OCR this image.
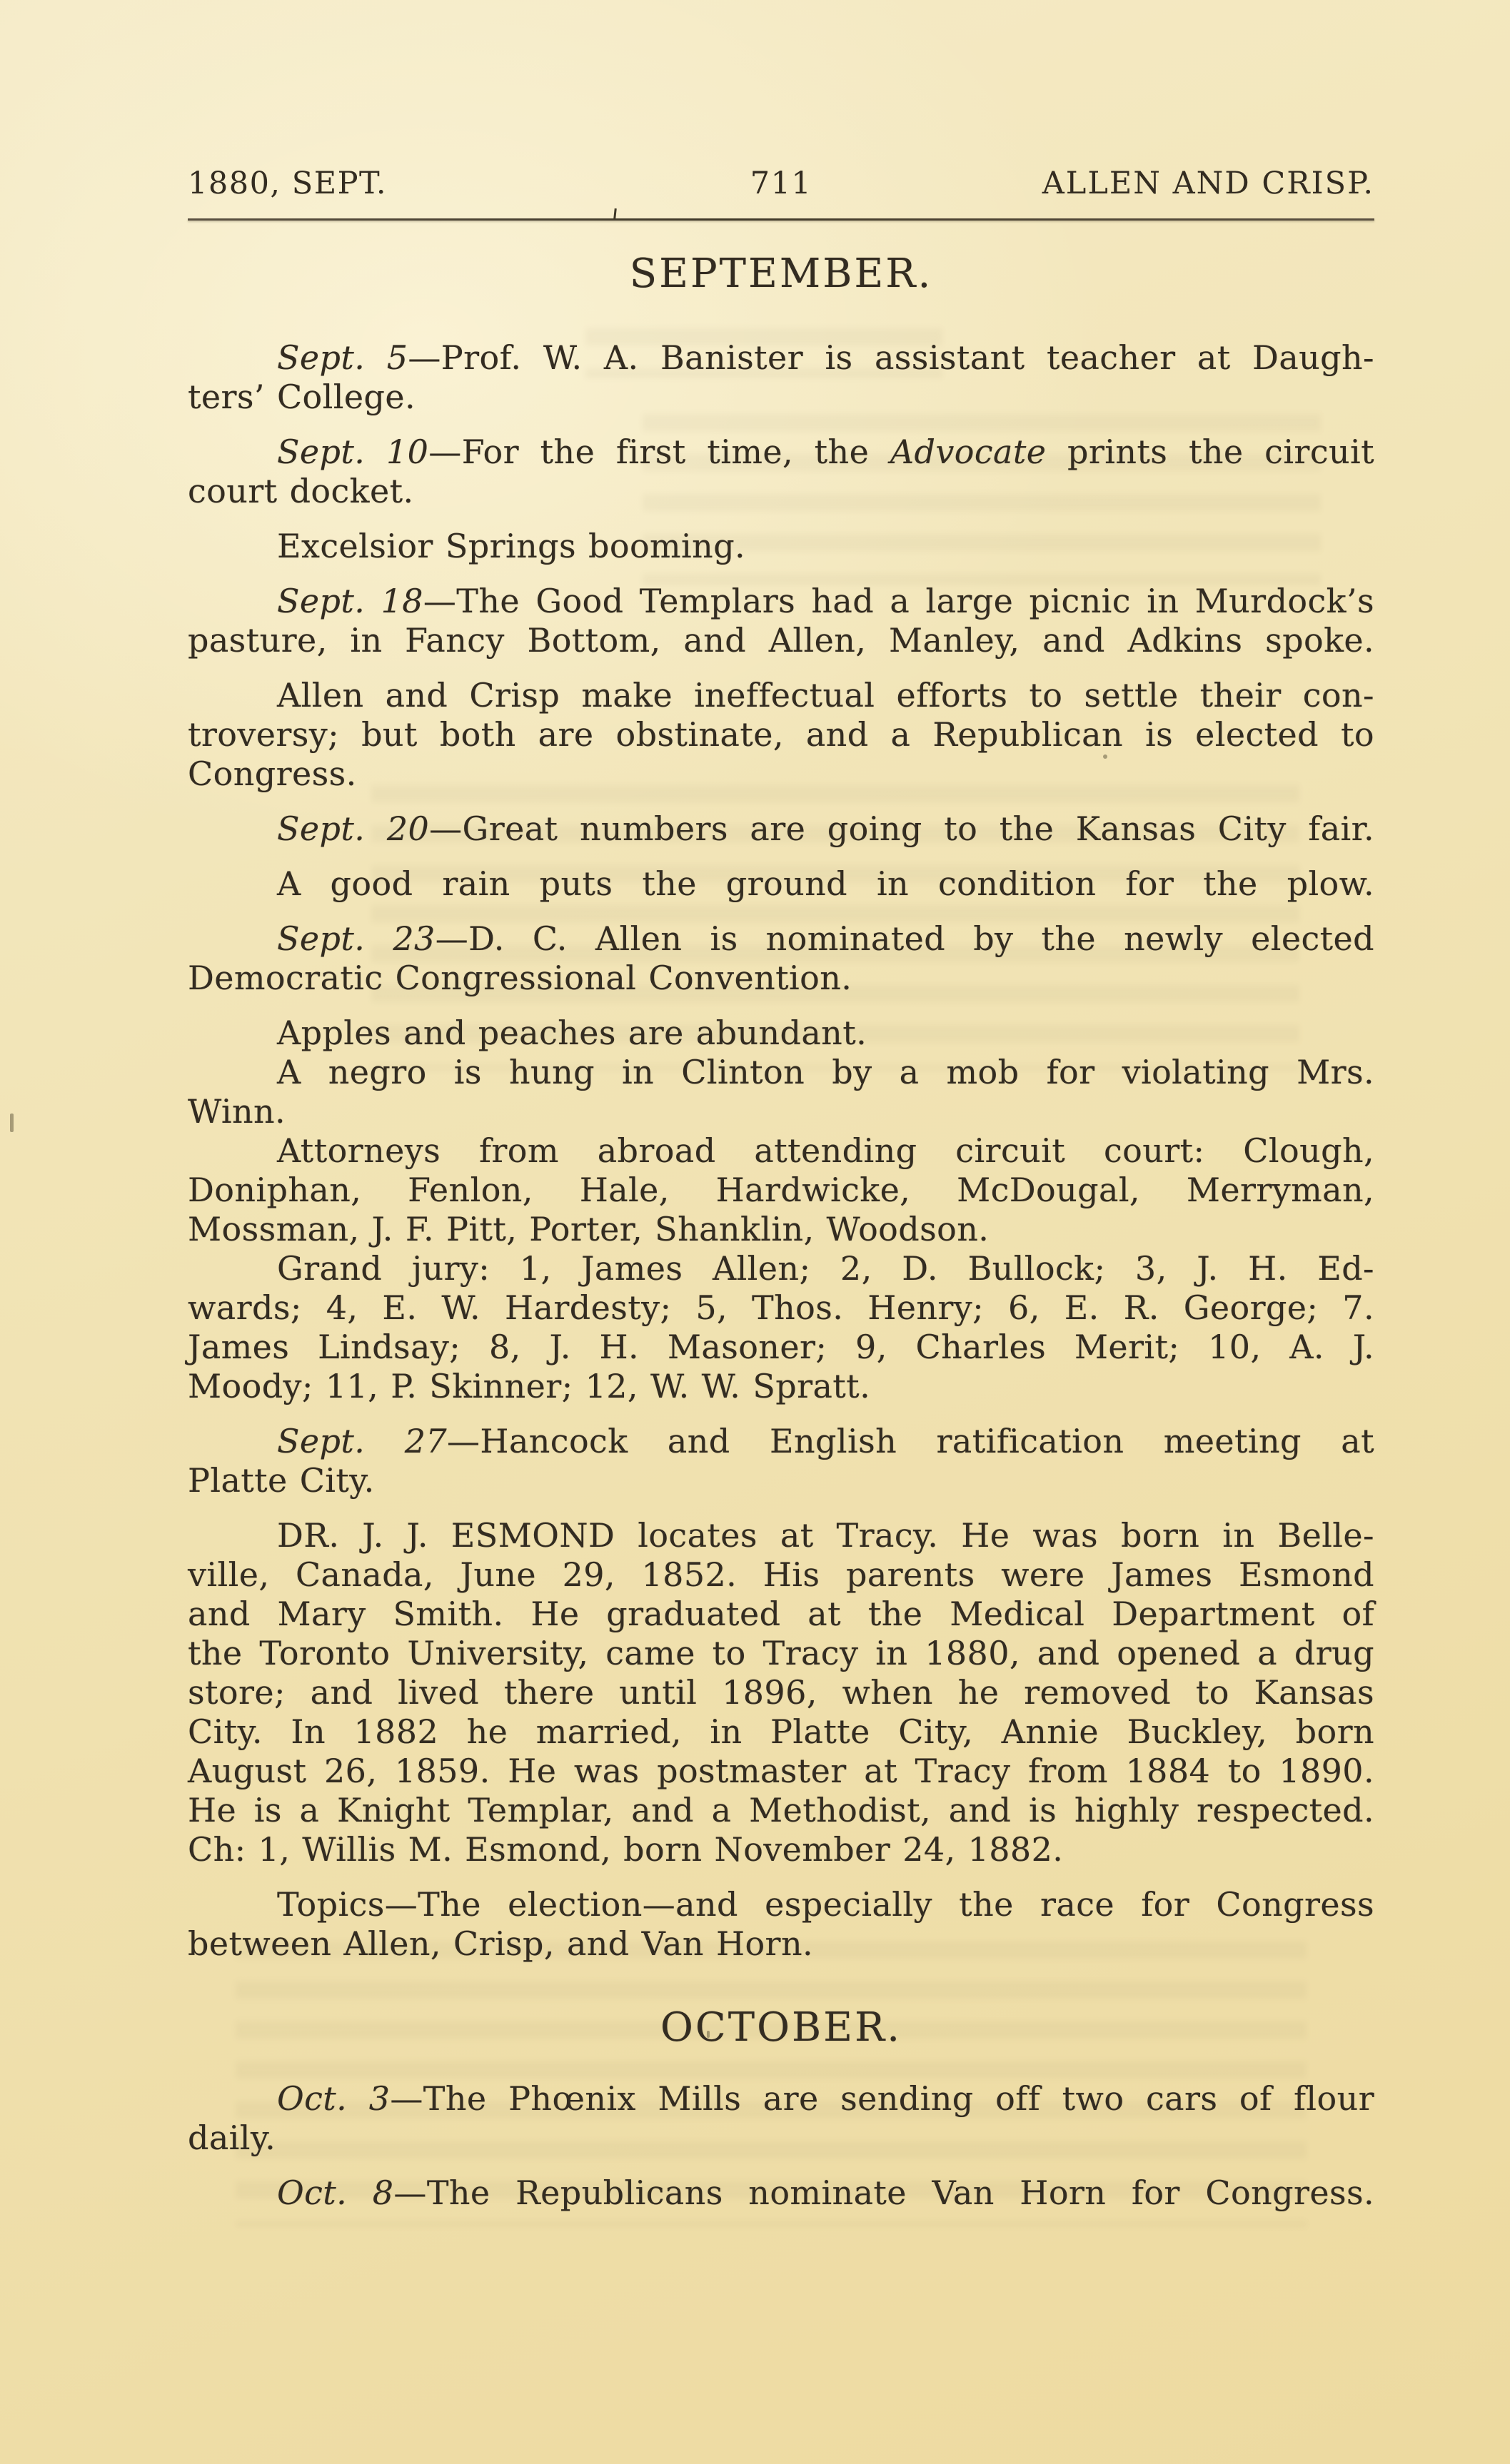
1880, SEPT.	711	ALLEN AND CRISP.
SEPTEMBER.
Sept. 5—Prof. W. A. Banister is assistant teacher at Daugh-
ters’ College.
Sept. 10—For the first time, the Advocate prints the circuit
court docket.
Excelsior Springs booming.
Sept. 18—The Good Templars had a large picnic in Murdock’s
pasture, in Fancy Bottom, and Allen, Manley, and Adkins spoke.
Allen and Crisp make ineffectual efforts to settle their con-
troversy; but both are obstinate, and a Republican is elected to
Congress.
Sept. 20—Great numbers are going to the Kansas City fair.
A good rain puts the ground in condition for the plow.
Sept. 23—D. C. Allen is nominated by the newly elected
Democratic Congressional Convention.
Apples and peaches are abundant.
A negro is hung in Clinton by a mob for violating Mrs.
Winn.
Attorneys from abroad attending circuit court: Clough,
Doniphan, Fenlon, Hale, Hardwicke, McDougal, Merryman,
Mossman, J. F. Pitt, Porter, Shanklin, Woodson.
Grand jury: 1, James Allen; 2, D. Bullock; 3, J. H. Ed-
wards; 4, E. W. Hardesty; 5, Thos. Henry; 6, E. R. George; 7.
James Lindsay; 8, J. H. Masoner; 9, Charles Merit; 10, A. J.
Moody; 11, P. Skinner; 12, W. W. Spratt.
Sept. 27—Hancock and English ratification meeting at
Platte City.
DR. J. J. ESMOND locates at Tracy. He was born in Belle-
ville, Canada, June 29, 1852. His parents were James Esmond
and Mary Smith. He graduated at the Medical Department of
the Toronto University, came to Tracy in 1880, and opened a drug
store; and lived there until 1896, when he removed to Kansas
City. In 1882 he married, in Platte City, Annie Buckley, born
August 26, 1859. He was postmaster at Tracy from 1884 to 1890.
He is a Knight Templar, and a Methodist, and is highly respected.
Ch: 1, Willis M. Esmond, born November 24, 1882.
Topics—The election—and especially the race for Congress
between Allen, Crisp, and Van Horn.
OCTOBER.
Oct. 3—The Phœnix Mills are sending off two cars of flour
daily.
Oct. 8—The Republicans nominate Van Horn for Congress.
